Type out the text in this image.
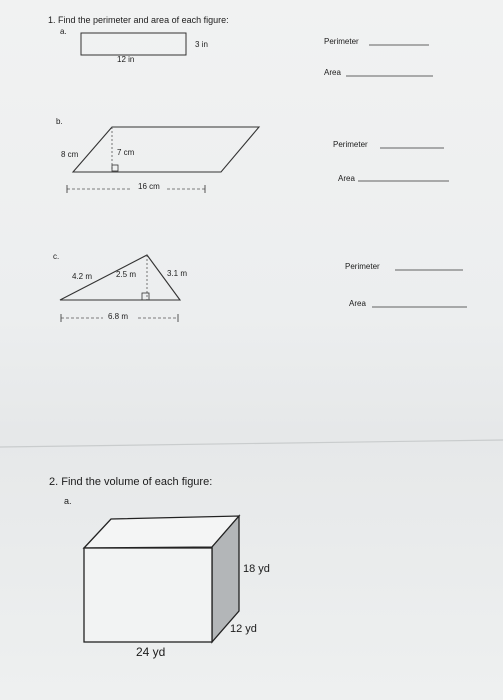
1. Find the perimeter and area of each figure:
a.
3 in
12 in
Perimeter
Area
b.
8 cm	7 cm
16 cm
Perimeter
Area
c.
4.2 m	2.5 m	3.1 m
6.8 m
Perimeter
Area
2. Find the volume of each figure:
a.
18 yd
12 yd
24 yd
